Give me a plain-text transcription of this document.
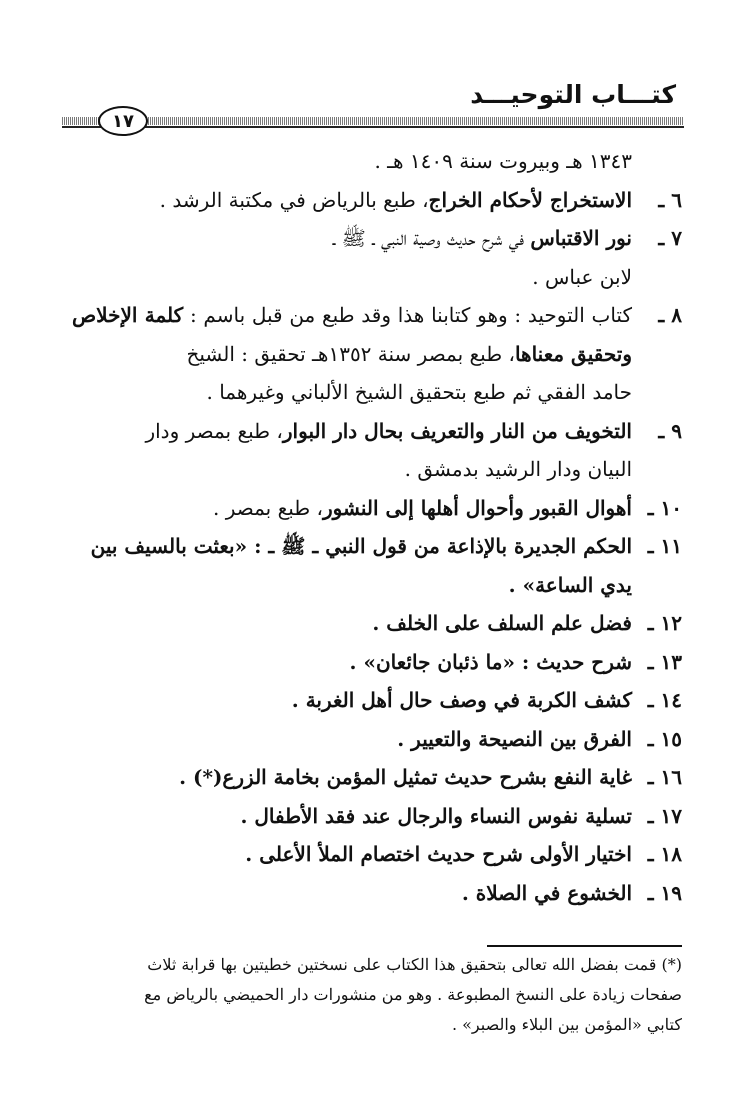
كتـــاب التوحيـــد
١٧

١٣٤٣ هـ وبيروت سنة ١٤٠٩ هـ .

٦ ـ
الاستخراج لأحكام الخراج، طبع بالرياض في مكتبة الرشد .
٧ ـ
نور الاقتباس في شرح حديث وصية النبي ـ ﷺ ـ

لابن عباس .

٨ ـ
كتاب التوحيد : وهو كتابنا هذا وقد طبع من قبل باسم : كلمة الإخلاص وتحقيق معناها، طبع بمصر سنة ١٣٥٢هـ تحقيق : الشيخ

حامد الفقي ثم طبع بتحقيق الشيخ الألباني وغيرهما .

٩ ـ
التخويف من النار والتعريف بحال دار البوار، طبع بمصر ودار

البيان ودار الرشيد بدمشق .

١٠ ـ
أهوال القبور وأحوال أهلها إلى النشور، طبع بمصر .
١١ ـ
الحكم الجديرة بالإذاعة من قول النبي ـ ﷺ ـ : «بعثت بالسيف بين

يدي الساعة» .

١٢ ـ
فضل علم السلف على الخلف .
١٣ ـ
شرح حديث : «ما ذئبان جائعان» .
١٤ ـ
كشف الكربة في وصف حال أهل الغربة .
١٥ ـ
الفرق بين النصيحة والتعيير .
١٦ ـ
غاية النفع بشرح حديث تمثيل المؤمن بخامة الزرع(*) .
١٧ ـ
تسلية نفوس النساء والرجال عند فقد الأطفال .
١٨ ـ
اختيار الأولى شرح حديث اختصام الملأ الأعلى .
١٩ ـ
الخشوع في الصلاة .

(*) قمت بفضل الله تعالى بتحقيق هذا الكتاب على نسختين خطيتين بها قرابة ثلاث

صفحات زيادة على النسخ المطبوعة . وهو من منشورات دار الحميضي بالرياض مع

كتابي «المؤمن بين البلاء والصبر» .
